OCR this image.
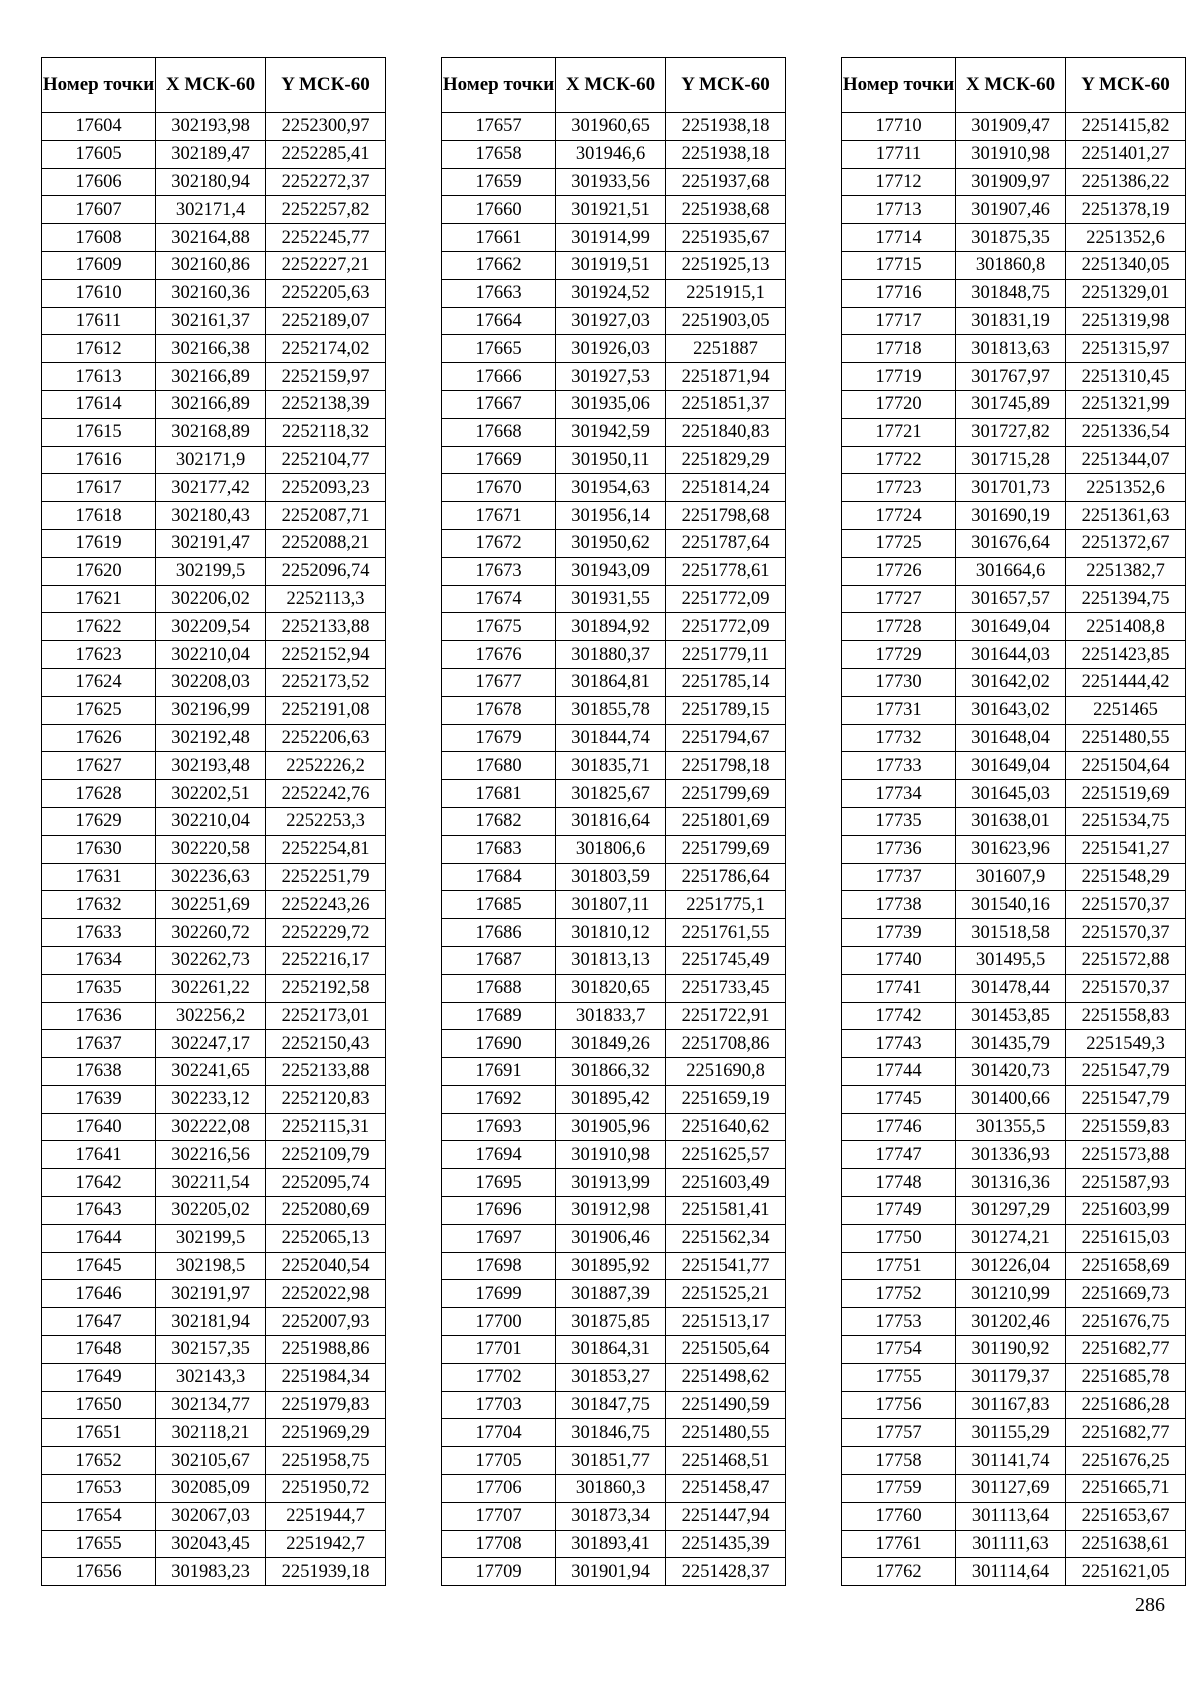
Номер точки	X МСК-60	Y МСК-60
17604	302193,98	2252300,97
17605	302189,47	2252285,41
17606	302180,94	2252272,37
17607	302171,4	2252257,82
17608	302164,88	2252245,77
17609	302160,86	2252227,21
17610	302160,36	2252205,63
17611	302161,37	2252189,07
17612	302166,38	2252174,02
17613	302166,89	2252159,97
17614	302166,89	2252138,39
17615	302168,89	2252118,32
17616	302171,9	2252104,77
17617	302177,42	2252093,23
17618	302180,43	2252087,71
17619	302191,47	2252088,21
17620	302199,5	2252096,74
17621	302206,02	2252113,3
17622	302209,54	2252133,88
17623	302210,04	2252152,94
17624	302208,03	2252173,52
17625	302196,99	2252191,08
17626	302192,48	2252206,63
17627	302193,48	2252226,2
17628	302202,51	2252242,76
17629	302210,04	2252253,3
17630	302220,58	2252254,81
17631	302236,63	2252251,79
17632	302251,69	2252243,26
17633	302260,72	2252229,72
17634	302262,73	2252216,17
17635	302261,22	2252192,58
17636	302256,2	2252173,01
17637	302247,17	2252150,43
17638	302241,65	2252133,88
17639	302233,12	2252120,83
17640	302222,08	2252115,31
17641	302216,56	2252109,79
17642	302211,54	2252095,74
17643	302205,02	2252080,69
17644	302199,5	2252065,13
17645	302198,5	2252040,54
17646	302191,97	2252022,98
17647	302181,94	2252007,93
17648	302157,35	2251988,86
17649	302143,3	2251984,34
17650	302134,77	2251979,83
17651	302118,21	2251969,29
17652	302105,67	2251958,75
17653	302085,09	2251950,72
17654	302067,03	2251944,7
17655	302043,45	2251942,7
17656	301983,23	2251939,18
Номер точки	X МСК-60	Y МСК-60
17657	301960,65	2251938,18
17658	301946,6	2251938,18
17659	301933,56	2251937,68
17660	301921,51	2251938,68
17661	301914,99	2251935,67
17662	301919,51	2251925,13
17663	301924,52	2251915,1
17664	301927,03	2251903,05
17665	301926,03	2251887
17666	301927,53	2251871,94
17667	301935,06	2251851,37
17668	301942,59	2251840,83
17669	301950,11	2251829,29
17670	301954,63	2251814,24
17671	301956,14	2251798,68
17672	301950,62	2251787,64
17673	301943,09	2251778,61
17674	301931,55	2251772,09
17675	301894,92	2251772,09
17676	301880,37	2251779,11
17677	301864,81	2251785,14
17678	301855,78	2251789,15
17679	301844,74	2251794,67
17680	301835,71	2251798,18
17681	301825,67	2251799,69
17682	301816,64	2251801,69
17683	301806,6	2251799,69
17684	301803,59	2251786,64
17685	301807,11	2251775,1
17686	301810,12	2251761,55
17687	301813,13	2251745,49
17688	301820,65	2251733,45
17689	301833,7	2251722,91
17690	301849,26	2251708,86
17691	301866,32	2251690,8
17692	301895,42	2251659,19
17693	301905,96	2251640,62
17694	301910,98	2251625,57
17695	301913,99	2251603,49
17696	301912,98	2251581,41
17697	301906,46	2251562,34
17698	301895,92	2251541,77
17699	301887,39	2251525,21
17700	301875,85	2251513,17
17701	301864,31	2251505,64
17702	301853,27	2251498,62
17703	301847,75	2251490,59
17704	301846,75	2251480,55
17705	301851,77	2251468,51
17706	301860,3	2251458,47
17707	301873,34	2251447,94
17708	301893,41	2251435,39
17709	301901,94	2251428,37
Номер точки	X МСК-60	Y МСК-60
17710	301909,47	2251415,82
17711	301910,98	2251401,27
17712	301909,97	2251386,22
17713	301907,46	2251378,19
17714	301875,35	2251352,6
17715	301860,8	2251340,05
17716	301848,75	2251329,01
17717	301831,19	2251319,98
17718	301813,63	2251315,97
17719	301767,97	2251310,45
17720	301745,89	2251321,99
17721	301727,82	2251336,54
17722	301715,28	2251344,07
17723	301701,73	2251352,6
17724	301690,19	2251361,63
17725	301676,64	2251372,67
17726	301664,6	2251382,7
17727	301657,57	2251394,75
17728	301649,04	2251408,8
17729	301644,03	2251423,85
17730	301642,02	2251444,42
17731	301643,02	2251465
17732	301648,04	2251480,55
17733	301649,04	2251504,64
17734	301645,03	2251519,69
17735	301638,01	2251534,75
17736	301623,96	2251541,27
17737	301607,9	2251548,29
17738	301540,16	2251570,37
17739	301518,58	2251570,37
17740	301495,5	2251572,88
17741	301478,44	2251570,37
17742	301453,85	2251558,83
17743	301435,79	2251549,3
17744	301420,73	2251547,79
17745	301400,66	2251547,79
17746	301355,5	2251559,83
17747	301336,93	2251573,88
17748	301316,36	2251587,93
17749	301297,29	2251603,99
17750	301274,21	2251615,03
17751	301226,04	2251658,69
17752	301210,99	2251669,73
17753	301202,46	2251676,75
17754	301190,92	2251682,77
17755	301179,37	2251685,78
17756	301167,83	2251686,28
17757	301155,29	2251682,77
17758	301141,74	2251676,25
17759	301127,69	2251665,71
17760	301113,64	2251653,67
17761	301111,63	2251638,61
17762	301114,64	2251621,05
286
